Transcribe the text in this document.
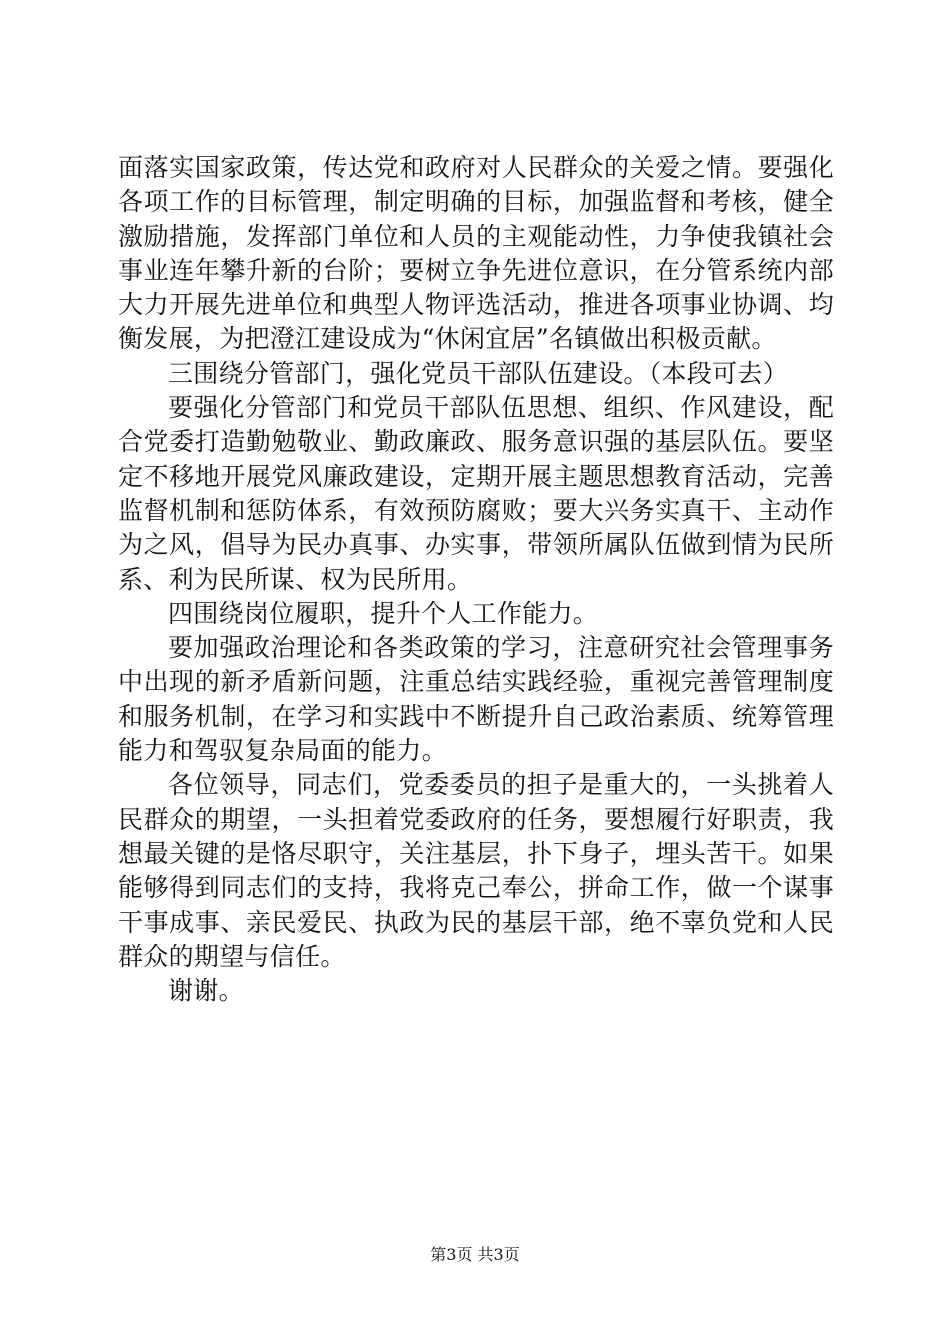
面落实国家政策，传达党和政府对人民群众的关爱之情。要强化各项工作的目标管理，制定明确的目标，加强监督和考核，健全激励措施，发挥部门单位和人员的主观能动性，力争使我镇社会事业连年攀升新的台阶；要树立争先进位意识，在分管系统内部大力开展先进单位和典型人物评选活动，推进各项事业协调、均衡发展，为把澄江建设成为“休闲宜居”名镇做出积极贡献。

三围绕分管部门，强化党员干部队伍建设。（本段可去）

要强化分管部门和党员干部队伍思想、组织、作风建设，配合党委打造勤勉敬业、勤政廉政、服务意识强的基层队伍。要坚定不移地开展党风廉政建设，定期开展主题思想教育活动，完善监督机制和惩防体系，有效预防腐败；要大兴务实真干、主动作为之风，倡导为民办真事、办实事，带领所属队伍做到情为民所系、利为民所谋、权为民所用。

四围绕岗位履职，提升个人工作能力。

要加强政治理论和各类政策的学习，注意研究社会管理事务中出现的新矛盾新问题，注重总结实践经验，重视完善管理制度和服务机制，在学习和实践中不断提升自己政治素质、统筹管理能力和驾驭复杂局面的能力。

各位领导，同志们，党委委员的担子是重大的，一头挑着人民群众的期望，一头担着党委政府的任务，要想履行好职责，我想最关键的是恪尽职守，关注基层，扑下身子，埋头苦干。如果能够得到同志们的支持，我将克己奉公，拼命工作，做一个谋事干事成事、亲民爱民、执政为民的基层干部，绝不辜负党和人民群众的期望与信任。

谢谢。

第3页 共3页
